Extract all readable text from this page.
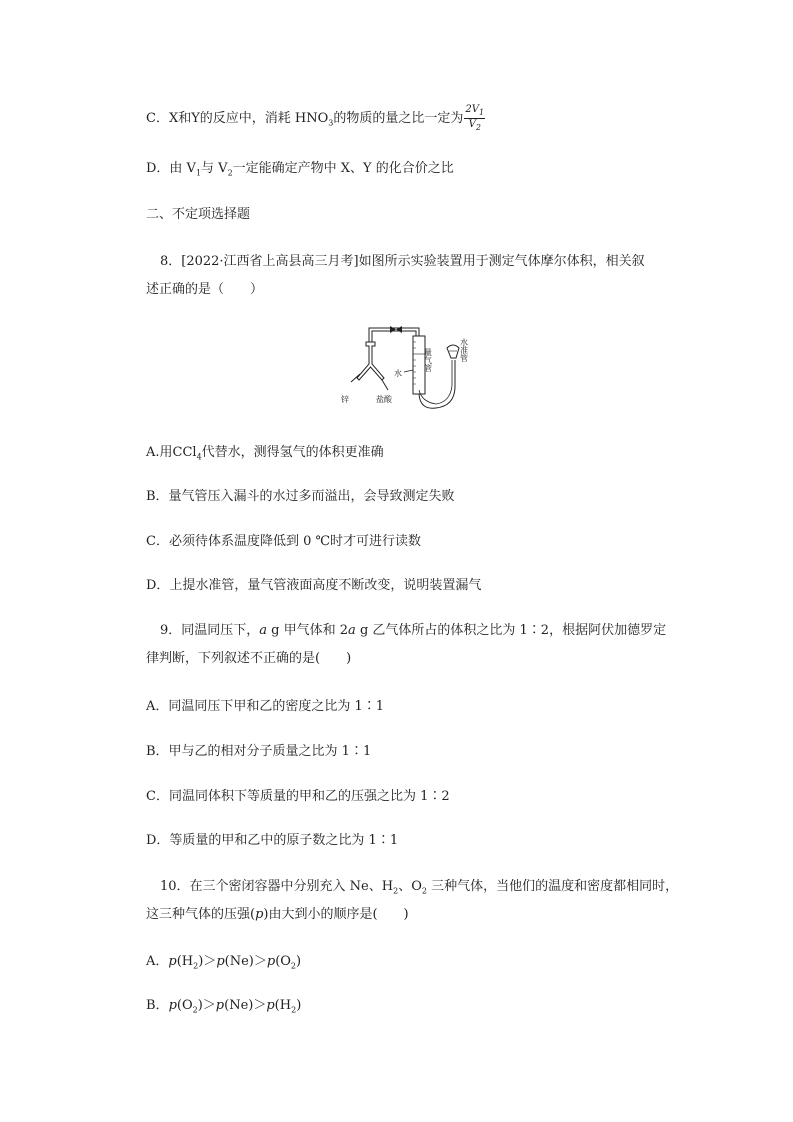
C．X和Y的反应中，消耗 $HNO_3$的物质的量之比一定为 $\frac{2V_1}{V_2}$
D．由 $V_1$与 $V_2$一定能确定产物中 X、Y 的化合价之比
二、不定项选择题
8．[2022·江西省上高县高三月考]如图所示实验装置用于测定气体摩尔体积，相关叙
述正确的是（　　）
锌	盐酸
水
量气管	水准管
A.用CCl$_4$代替水，测得氢气的体积更准确
B．量气管压入漏斗的水过多而溢出，会导致测定失败
C．必须待体系温度降低到 0 ℃时才可进行读数
D．上提水准管，量气管液面高度不断改变，说明装置漏气
9．同温同压下，a g 甲气体和 2a g 乙气体所占的体积之比为 1∶2，根据阿伏加德罗定
律判断，下列叙述不正确的是(　　)
A．同温同压下甲和乙的密度之比为 1∶1
B．甲与乙的相对分子质量之比为 1∶1
C．同温同体积下等质量的甲和乙的压强之比为 1∶2
D．等质量的甲和乙中的原子数之比为 1∶1
10．在三个密闭容器中分别充入 Ne、$H_2$、$O_2$ 三种气体，当他们的温度和密度都相同时，
这三种气体的压强(p)由大到小的顺序是(　　)
A．$p(H_2)>p(Ne)>p(O_2)$
B．$p(O_2)>p(Ne)>p(H_2)$
